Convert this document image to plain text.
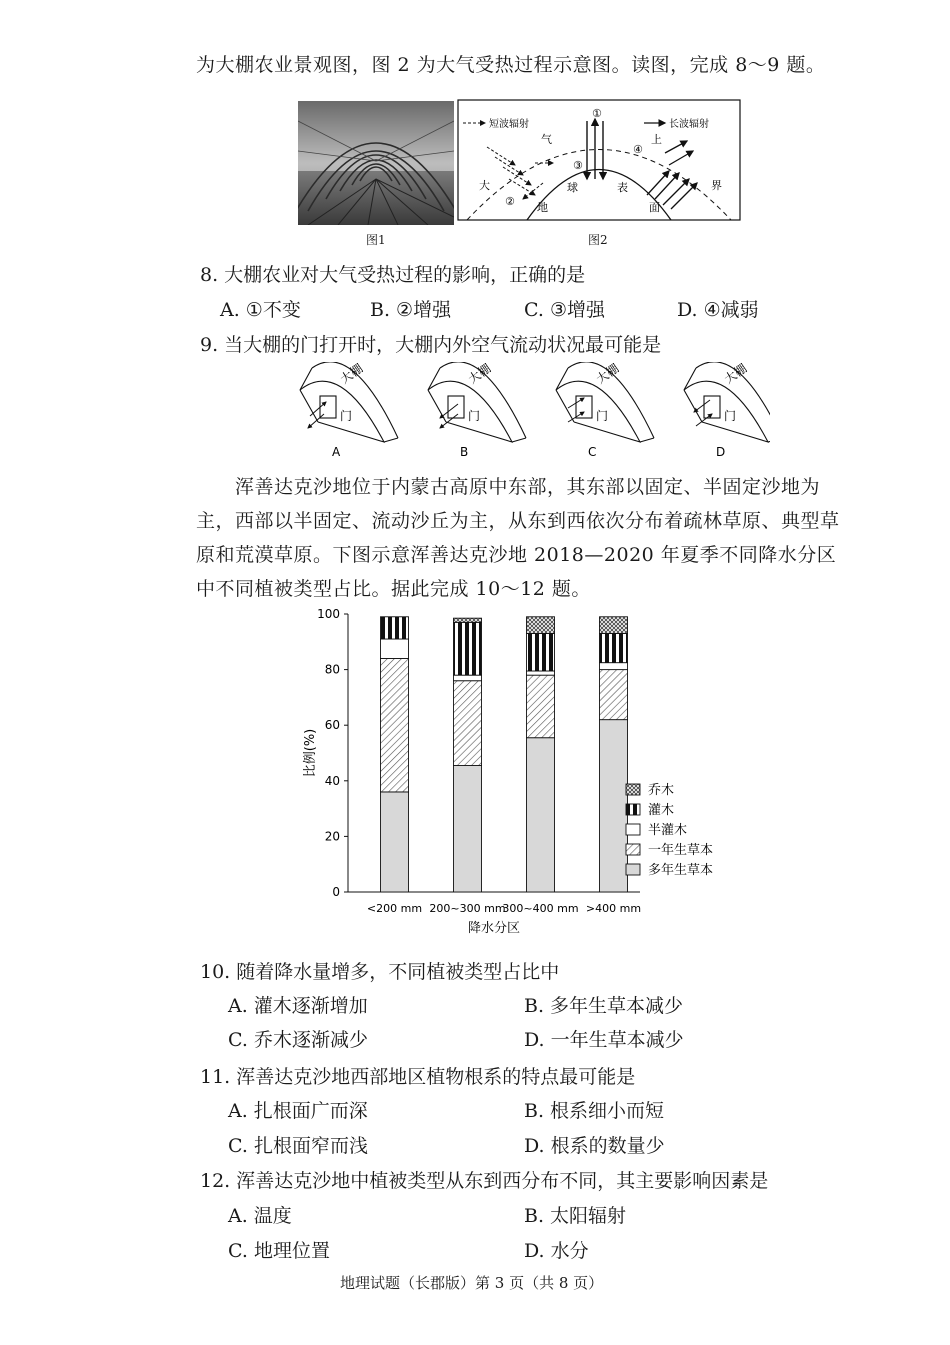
为大棚农业景观图，图 2 为大气受热过程示意图。读图，完成 8～9 题。
图1
短波辐射	长波辐射
①
②
③
④
大
气	上
界
地
球	表
面
图2
8. 大棚农业对大气受热过程的影响，正确的是
A. ①不变	B. ②增强	C. ③增强	D. ④减弱
9. 当大棚的门打开时，大棚内外空气流动状况最可能是
大棚
门
A
大棚
门
B
大棚
门
C
大棚
门
D
浑善达克沙地位于内蒙古高原中东部，其东部以固定、半固定沙地为
主，西部以半固定、流动沙丘为主，从东到西依次分布着疏林草原、典型草
原和荒漠草原。下图示意浑善达克沙地 2018—2020 年夏季不同降水分区
中不同植被类型占比。据此完成 10～12 题。
0
20
40
60
80
100
比例(%)
降水分区
<200 mm 200~300 mm
300~400 mm >400 mm
乔木
灌木
半灌木
一年生草本
多年生草本
10. 随着降水量增多，不同植被类型占比中
A. 灌木逐渐增加	B. 多年生草本减少
C. 乔木逐渐减少	D. 一年生草本减少
11. 浑善达克沙地西部地区植物根系的特点最可能是
A. 扎根面广而深	B. 根系细小而短
C. 扎根面窄而浅	D. 根系的数量少
12. 浑善达克沙地中植被类型从东到西分布不同，其主要影响因素是
A. 温度	B. 太阳辐射
C. 地理位置	D. 水分
地理试题（长郡版）第 3 页（共 8 页）
